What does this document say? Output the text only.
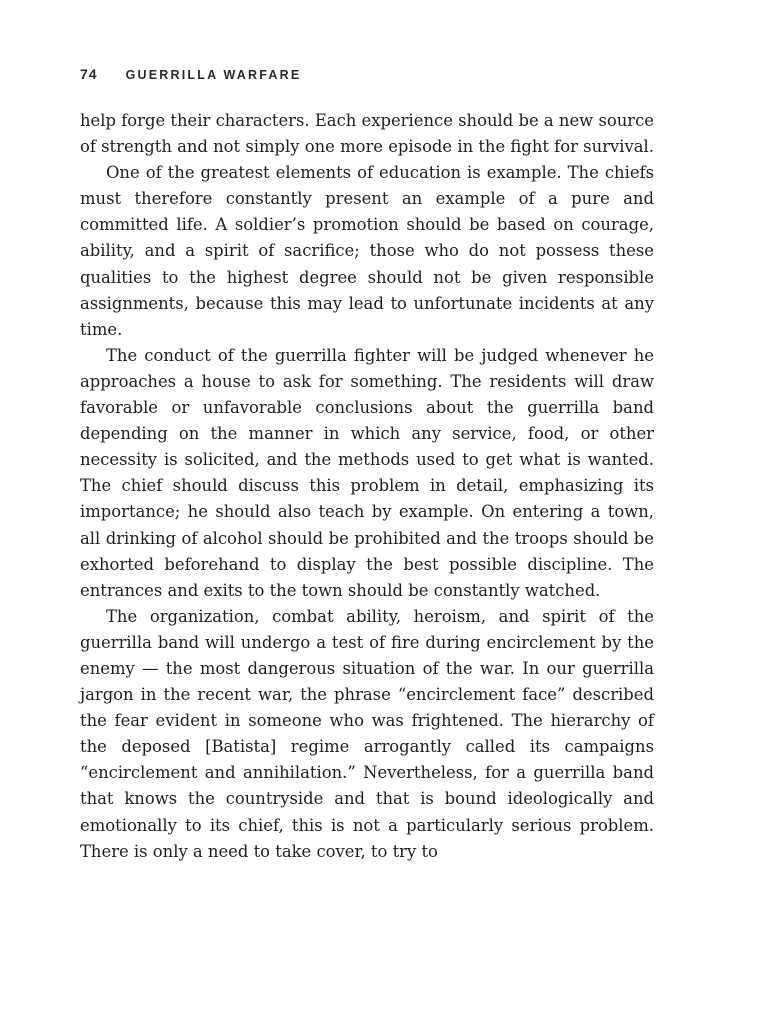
74 GUERRILLA WARFARE

help forge their characters. Each experience should be a new source of strength and not simply one more episode in the fight for survival.

One of the greatest elements of education is example. The chiefs must therefore constantly present an example of a pure and committed life. A soldier’s promotion should be based on courage, ability, and a spirit of sacrifice; those who do not possess these qualities to the highest degree should not be given responsible assignments, because this may lead to unfortunate incidents at any time.

The conduct of the guerrilla fighter will be judged whenever he approaches a house to ask for something. The residents will draw favorable or unfavorable conclusions about the guerrilla band depending on the manner in which any service, food, or other necessity is solicited, and the methods used to get what is wanted. The chief should discuss this problem in detail, emphasizing its importance; he should also teach by example. On entering a town, all drinking of alcohol should be prohibited and the troops should be exhorted beforehand to display the best possible discipline. The entrances and exits to the town should be constantly watched.

The organization, combat ability, heroism, and spirit of the guerrilla band will undergo a test of fire during encirclement by the enemy — the most dangerous situation of the war. In our guerrilla jargon in the recent war, the phrase “encirclement face” described the fear evident in someone who was frightened. The hierarchy of the deposed [Batista] regime arrogantly called its campaigns “encirclement and annihilation.” Nevertheless, for a guerrilla band that knows the countryside and that is bound ideologically and emotionally to its chief, this is not a particularly serious problem. There is only a need to take cover, to try to
